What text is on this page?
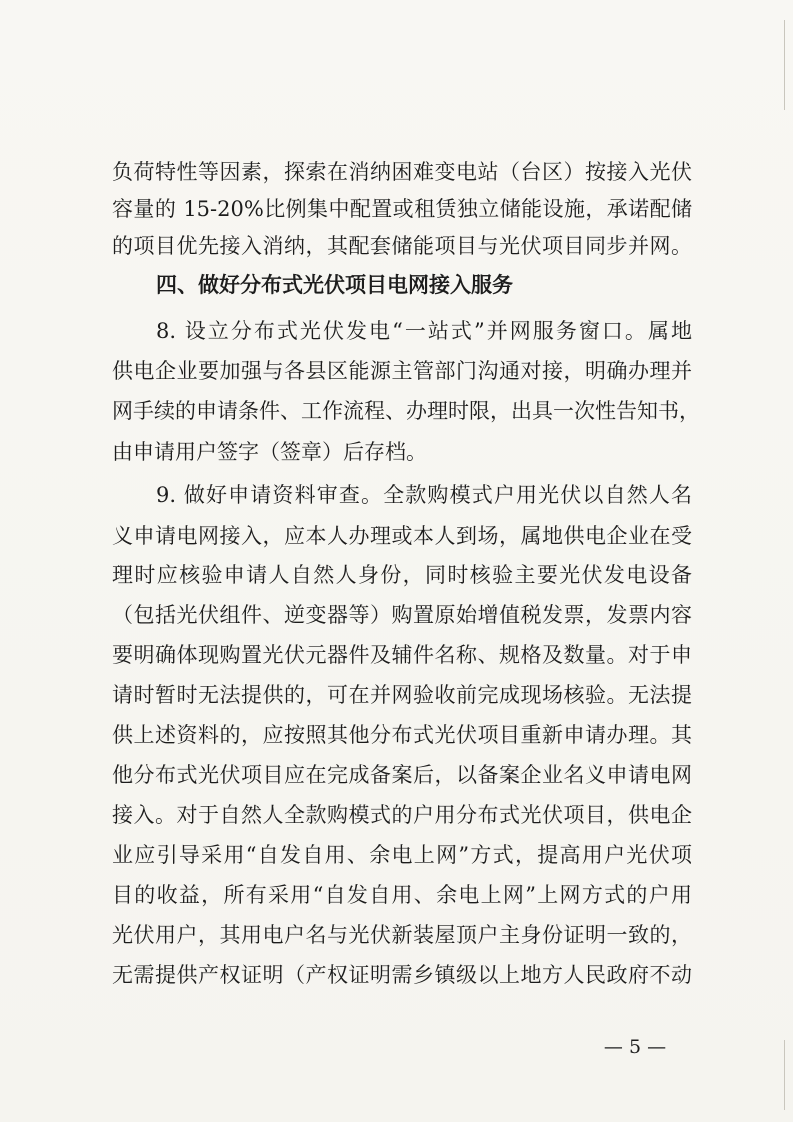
负荷特性等因素，探索在消纳困难变电站（台区）按接入光伏
容量的 15-20%比例集中配置或租赁独立储能设施，承诺配储
的项目优先接入消纳，其配套储能项目与光伏项目同步并网。
四、做好分布式光伏项目电网接入服务
8. 设立分布式光伏发电“一站式”并网服务窗口。属地
供电企业要加强与各县区能源主管部门沟通对接，明确办理并
网手续的申请条件、工作流程、办理时限，出具一次性告知书，
由申请用户签字（签章）后存档。
9. 做好申请资料审查。全款购模式户用光伏以自然人名
义申请电网接入，应本人办理或本人到场，属地供电企业在受
理时应核验申请人自然人身份，同时核验主要光伏发电设备
（包括光伏组件、逆变器等）购置原始增值税发票，发票内容
要明确体现购置光伏元器件及辅件名称、规格及数量。对于申
请时暂时无法提供的，可在并网验收前完成现场核验。无法提
供上述资料的，应按照其他分布式光伏项目重新申请办理。其
他分布式光伏项目应在完成备案后，以备案企业名义申请电网
接入。对于自然人全款购模式的户用分布式光伏项目，供电企
业应引导采用“自发自用、余电上网”方式，提高用户光伏项
目的收益，所有采用“自发自用、余电上网”上网方式的户用
光伏用户，其用电户名与光伏新装屋顶户主身份证明一致的，
无需提供产权证明（产权证明需乡镇级以上地方人民政府不动
— 5 —
